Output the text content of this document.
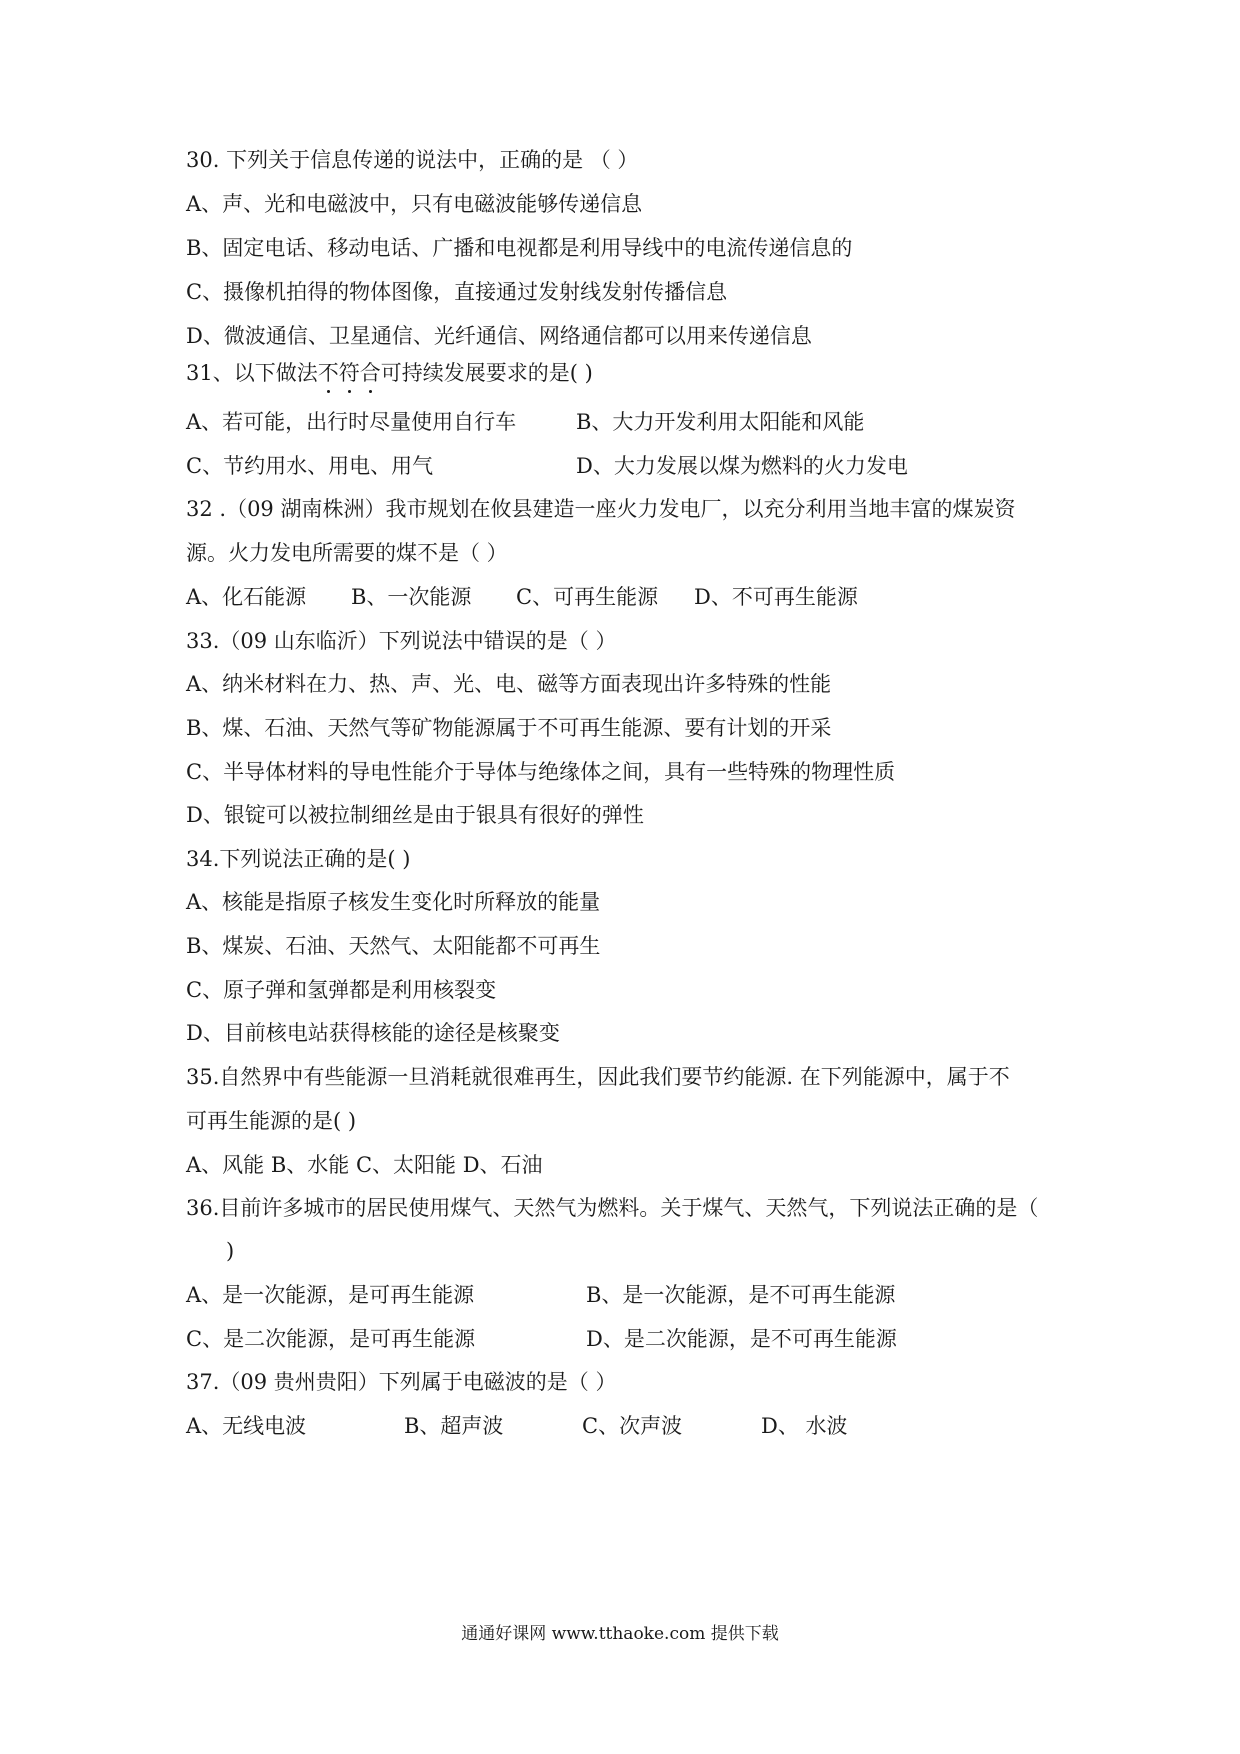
30. 下列关于信息传递的说法中，正确的是 （ ）
A、声、光和电磁波中，只有电磁波能够传递信息
B、固定电话、移动电话、广播和电视都是利用导线中的电流传递信息的
C、摄像机拍得的物体图像，直接通过发射线发射传播信息
D、微波通信、卫星通信、光纤通信、网络通信都可以用来传递信息
31、以下做法不符合可持续发展要求的是( )
A、若可能，出行时尽量使用自行车	B、大力开发利用太阳能和风能
C、节约用水、用电、用气	D、大力发展以煤为燃料的火力发电
32 .（09 湖南株洲）我市规划在攸县建造一座火力发电厂，以充分利用当地丰富的煤炭资
源。火力发电所需要的煤不是（ ）
A、化石能源 B、一次能源 C、可再生能源 D、不可再生能源
33.（09 山东临沂）下列说法中错误的是（ ）
A、纳米材料在力、热、声、光、电、磁等方面表现出许多特殊的性能
B、煤、石油、天然气等矿物能源属于不可再生能源、要有计划的开采
C、半导体材料的导电性能介于导体与绝缘体之间，具有一些特殊的物理性质
D、银锭可以被拉制细丝是由于银具有很好的弹性
34.下列说法正确的是( )
A、核能是指原子核发生变化时所释放的能量
B、煤炭、石油、天然气、太阳能都不可再生
C、原子弹和氢弹都是利用核裂变
D、目前核电站获得核能的途径是核聚变
35.自然界中有些能源一旦消耗就很难再生，因此我们要节约能源. 在下列能源中，属于不
可再生能源的是( )
A、风能 B、水能 C、太阳能 D、石油
36.目前许多城市的居民使用煤气、天然气为燃料。关于煤气、天然气，下列说法正确的是（
)
A、是一次能源，是可再生能源	B、是一次能源，是不可再生能源
C、是二次能源，是可再生能源	D、是二次能源，是不可再生能源
37.（09 贵州贵阳）下列属于电磁波的是（ ）
A、无线电波	B、超声波	C、次声波	D、 水波
通通好课网 www.tthaoke.com 提供下载
